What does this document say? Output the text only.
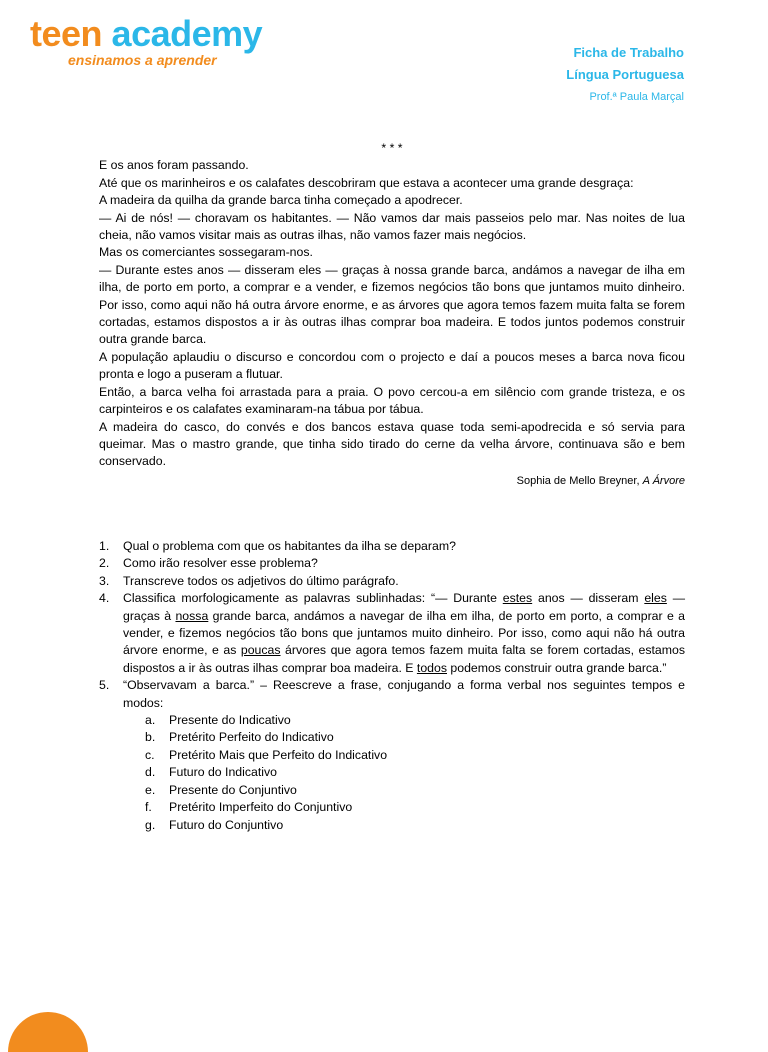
teen academy
ensinamos a aprender	Ficha de Trabalho
Língua Portuguesa
Prof.ª Paula Marçal
* * *

E os anos foram passando.

Até que os marinheiros e os calafates descobriram que estava a acontecer uma grande desgraça:

A madeira da quilha da grande barca tinha começado a apodrecer.

— Ai de nós! — choravam os habitantes. — Não vamos dar mais passeios pelo mar. Nas noites de lua cheia, não vamos visitar mais as outras ilhas, não vamos fazer mais negócios.

Mas os comerciantes sossegaram-nos.

— Durante estes anos — disseram eles — graças à nossa grande barca, andámos a navegar de ilha em ilha, de porto em porto, a comprar e a vender, e fizemos negócios tão bons que juntamos muito dinheiro. Por isso, como aqui não há outra árvore enorme, e as árvores que agora temos fazem muita falta se forem cortadas, estamos dispostos a ir às outras ilhas comprar boa madeira. E todos juntos podemos construir outra grande barca.

A população aplaudiu o discurso e concordou com o projecto e daí a poucos meses a barca nova ficou pronta e logo a puseram a flutuar.

Então, a barca velha foi arrastada para a praia. O povo cercou-a em silêncio com grande tristeza, e os carpinteiros e os calafates examinaram-na tábua por tábua.

A madeira do casco, do convés e dos bancos estava quase toda semi-apodrecida e só servia para queimar. Mas o mastro grande, que tinha sido tirado do cerne da velha árvore, continuava são e bem conservado.

Sophia de Mello Breyner, A Árvore
1.	Qual o problema com que os habitantes da ilha se deparam?
2.	Como irão resolver esse problema?
3.	Transcreve todos os adjetivos do último parágrafo.
4.	Classifica morfologicamente as palavras sublinhadas: “— Durante estes anos — disseram eles — graças à nossa grande barca, andámos a navegar de ilha em ilha, de porto em porto, a comprar e a vender, e fizemos negócios tão bons que juntamos muito dinheiro. Por isso, como aqui não há outra árvore enorme, e as poucas árvores que agora temos fazem muita falta se forem cortadas, estamos dispostos a ir às outras ilhas comprar boa madeira. E todos podemos construir outra grande barca.”
5.	“Observavam a barca.” – Reescreve a frase, conjugando a forma verbal nos seguintes tempos e modos:
a.	Presente do Indicativo
b.	Pretérito Perfeito do Indicativo
c.	Pretérito Mais que Perfeito do Indicativo
d.	Futuro do Indicativo
e.	Presente do Conjuntivo
f.	Pretérito Imperfeito do Conjuntivo
g.	Futuro do Conjuntivo
